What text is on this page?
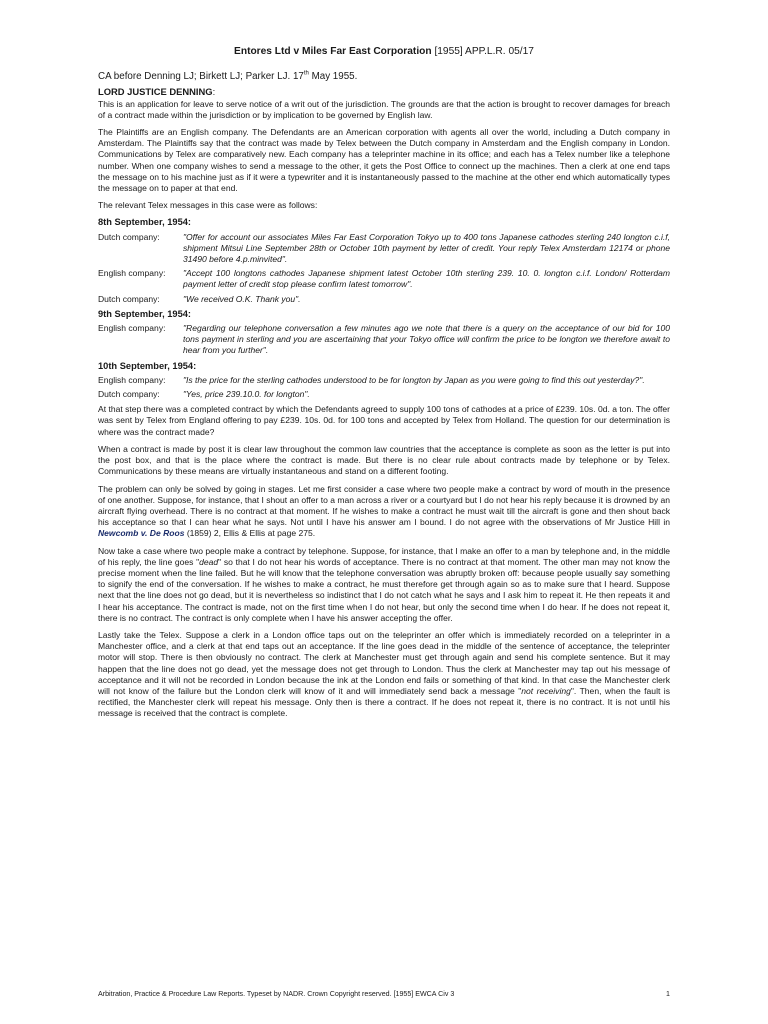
Entores Ltd v Miles Far East Corporation [1955] APP.L.R. 05/17
CA before Denning LJ; Birkett LJ; Parker LJ. 17th May 1955.
LORD JUSTICE DENNING:

This is an application for leave to serve notice of a writ out of the jurisdiction. The grounds are that the action is brought to recover damages for breach of a contract made within the jurisdiction or by implication to be governed by English law.

The Plaintiffs are an English company. The Defendants are an American corporation with agents all over the world, including a Dutch company in Amsterdam. The Plaintiffs say that the contract was made by Telex between the Dutch company in Amsterdam and the English company in London. Communications by Telex are comparatively new. Each company has a teleprinter machine in its office; and each has a Telex number like a telephone number. When one company wishes to send a message to the other, it gets the Post Office to connect up the machines. Then a clerk at one end taps the message on to his machine just as if it were a typewriter and it is instantaneously passed to the machine at the other end which automatically types the message on to paper at that end.

The relevant Telex messages in this case were as follows:

8th September, 1954:
Dutch company:	"Offer for account our associates Miles Far East Corporation Tokyo up to 400 tons Japanese cathodes sterling 240 longton c.i.f, shipment Mitsui Line September 28th or October 10th payment by letter of credit. Your reply Telex Amsterdam 12174 or phone 31490 before 4.p.minvited".
English company:	"Accept 100 longtons cathodes Japanese shipment latest October 10th sterling 239. 10. 0. longton c.i.f. London/ Rotterdam payment letter of credit stop please confirm latest tomorrow".
Dutch company:	"We received O.K. Thank you".
9th September, 1954:
English company:	"Regarding our telephone conversation a few minutes ago we note that there is a query on the acceptance of our bid for 100 tons payment in sterling and you are ascertaining that your Tokyo office will confirm the price to be longton we therefore await to hear from you further".
10th September, 1954:
English company:	"Is the price for the sterling cathodes understood to be for longton by Japan as you were going to find this out yesterday?".
Dutch company:	"Yes, price 239.10.0. for longton".

At that step there was a completed contract by which the Defendants agreed to supply 100 tons of cathodes at a price of £239. 10s. 0d. a ton. The offer was sent by Telex from England offering to pay £239. 10s. 0d. for 100 tons and accepted by Telex from Holland. The question for our determination is where was the contract made?

When a contract is made by post it is clear law throughout the common law countries that the acceptance is complete as soon as the letter is put into the post box, and that is the place where the contract is made. But there is no clear rule about contracts made by telephone or by Telex. Communications by these means are virtually instantaneous and stand on a different footing.

The problem can only be solved by going in stages. Let me first consider a case where two people make a contract by word of mouth in the presence of one another. Suppose, for instance, that I shout an offer to a man across a river or a courtyard but I do not hear his reply because it is drowned by an aircraft flying overhead. There is no contract at that moment. If he wishes to make a contract he must wait till the aircraft is gone and then shout back his acceptance so that I can hear what he says. Not until I have his answer am I bound. I do not agree with the observations of Mr Justice Hill in Newcomb v. De Roos (1859) 2, Ellis & Ellis at page 275.

Now take a case where two people make a contract by telephone. Suppose, for instance, that I make an offer to a man by telephone and, in the middle of his reply, the line goes "dead" so that I do not hear his words of acceptance. There is no contract at that moment. The other man may not know the precise moment when the line failed. But he will know that the telephone conversation was abruptly broken off: because people usually say something to signify the end of the conversation. If he wishes to make a contract, he must therefore get through again so as to make sure that I heard. Suppose next that the line does not go dead, but it is nevertheless so indistinct that I do not catch what he says and I ask him to repeat it. He then repeats it and I hear his acceptance. The contract is made, not on the first time when I do not hear, but only the second time when I do hear. If he does not repeat it, there is no contract. The contract is only complete when I have his answer accepting the offer.

Lastly take the Telex. Suppose a clerk in a London office taps out on the teleprinter an offer which is immediately recorded on a teleprinter in a Manchester office, and a clerk at that end taps out an acceptance. If the line goes dead in the middle of the sentence of acceptance, the teleprinter motor will stop. There is then obviously no contract. The clerk at Manchester must get through again and send his complete sentence. But it may happen that the line does not go dead, yet the message does not get through to London. Thus the clerk at Manchester may tap out his message of acceptance and it will not be recorded in London because the ink at the London end fails or something of that kind. In that case the Manchester clerk will not know of the failure but the London clerk will know of it and will immediately send back a message "not receiving". Then, when the fault is rectified, the Manchester clerk will repeat his message. Only then is there a contract. If he does not repeat it, there is no contract. It is not until his message is received that the contract is complete.

Arbitration, Practice & Procedure Law Reports. Typeset by NADR. Crown Copyright reserved. [1955] EWCA Civ 3	1
